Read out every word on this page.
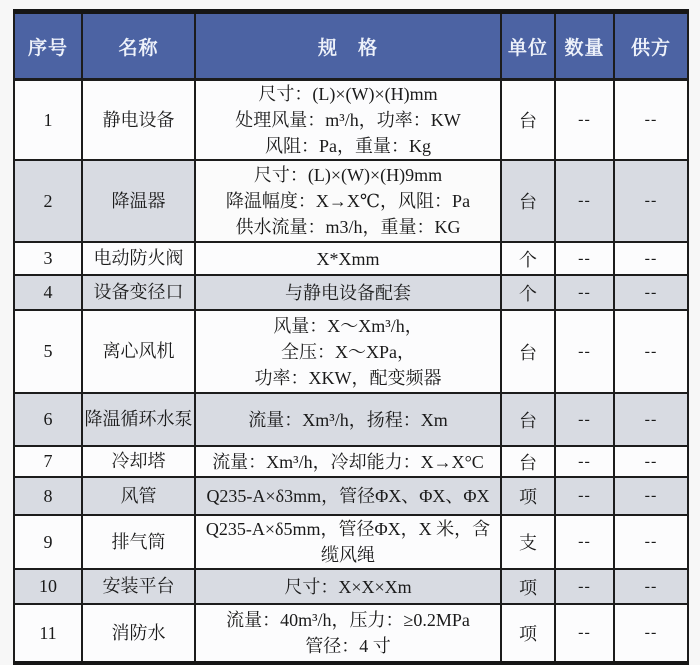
序号	名称	规　格	单位	数量	供方
1	静电设备	尺寸：(L)×(W)×(H)mm
处理风量：m³/h，功率：KW
风阻：Pa，重量：Kg	台	--	--
2	降温器	尺寸：(L)×(W)×(H)9mm
降温幅度：X→X℃，风阻：Pa
供水流量：m3/h，重量：KG	台	--	--
3	电动防火阀	X*Xmm	个	--	--
4	设备变径口	与静电设备配套	个	--	--
5	离心风机	风量：X～Xm³/h，
全压：X～XPa，
功率：XKW，配变频器	台	--	--
6	降温循环水泵	流量：Xm³/h，扬程：Xm	台	--	--
7	冷却塔	流量：Xm³/h，冷却能力：X→X°C	台	--	--
8	风管	Q235-A×δ3mm，管径ΦX、ΦX、ΦX	项	--	--
9	排气筒	Q235-A×δ5mm，管径ΦX，X 米，含
缆风绳	支	--	--
10	安装平台	尺寸：X×X×Xm	项	--	--
11	消防水	流量：40m³/h，压力：≥0.2MPa
管径：4 寸	项	--	--
